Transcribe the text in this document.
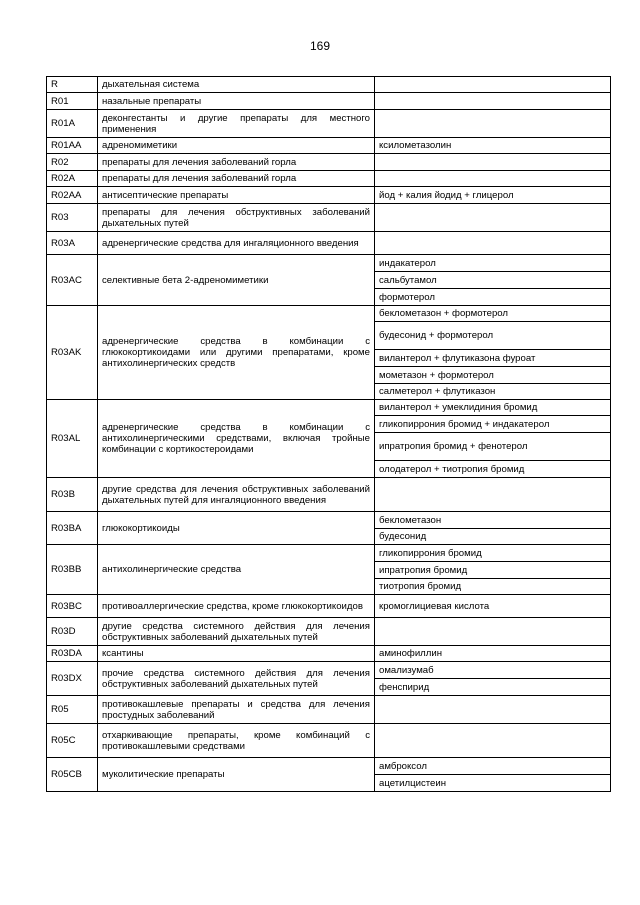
169
R	дыхательная система	
R01	назальные препараты	
R01A	деконгестанты и другие препараты для местного применения	
R01AA	адреномиметики	ксилометазолин
R02	препараты для лечения заболеваний горла	
R02A	препараты для лечения заболеваний горла	
R02AA	антисептические препараты	йод + калия йодид + глицерол
R03	препараты для лечения обструктивных заболеваний дыхательных путей	
R03A	адренергические средства для ингаляционного введения	
R03AC	селективные бета 2-адреномиметики	индакатерол
		сальбутамол
		формотерол
R03AK	адренергические средства в комбинации с глюкокортикоидами или другими препаратами, кроме антихолинергических средств	беклометазон + формотерол
		будесонид + формотерол
		вилантерол + флутиказона фуроат
		мометазон + формотерол
		салметерол + флутиказон
R03AL	адренергические средства в комбинации с антихолинергическими средствами, включая тройные комбинации с кортикостероидами	вилантерол + умеклидиния бромид
		гликопиррония бромид + индакатерол
		ипратропия бромид + фенотерол
		олодатерол + тиотропия бромид
R03B	другие средства для лечения обструктивных заболеваний дыхательных путей для ингаляционного введения	
R03BA	глюкокортикоиды	беклометазон
		будесонид
R03BB	антихолинергические средства	гликопиррония бромид
		ипратропия бромид
		тиотропия бромид
R03BC	противоаллергические средства, кроме глюкокортикоидов	кромоглициевая кислота
R03D	другие средства системного действия для лечения обструктивных заболеваний дыхательных путей	
R03DA	ксантины	аминофиллин
R03DX	прочие средства системного действия для лечения обструктивных заболеваний дыхательных путей	омализумаб
		фенспирид
R05	противокашлевые препараты и средства для лечения простудных заболеваний	
R05C	отхаркивающие препараты, кроме комбинаций с противокашлевыми средствами	
R05CB	муколитические препараты	амброксол
		ацетилцистеин
